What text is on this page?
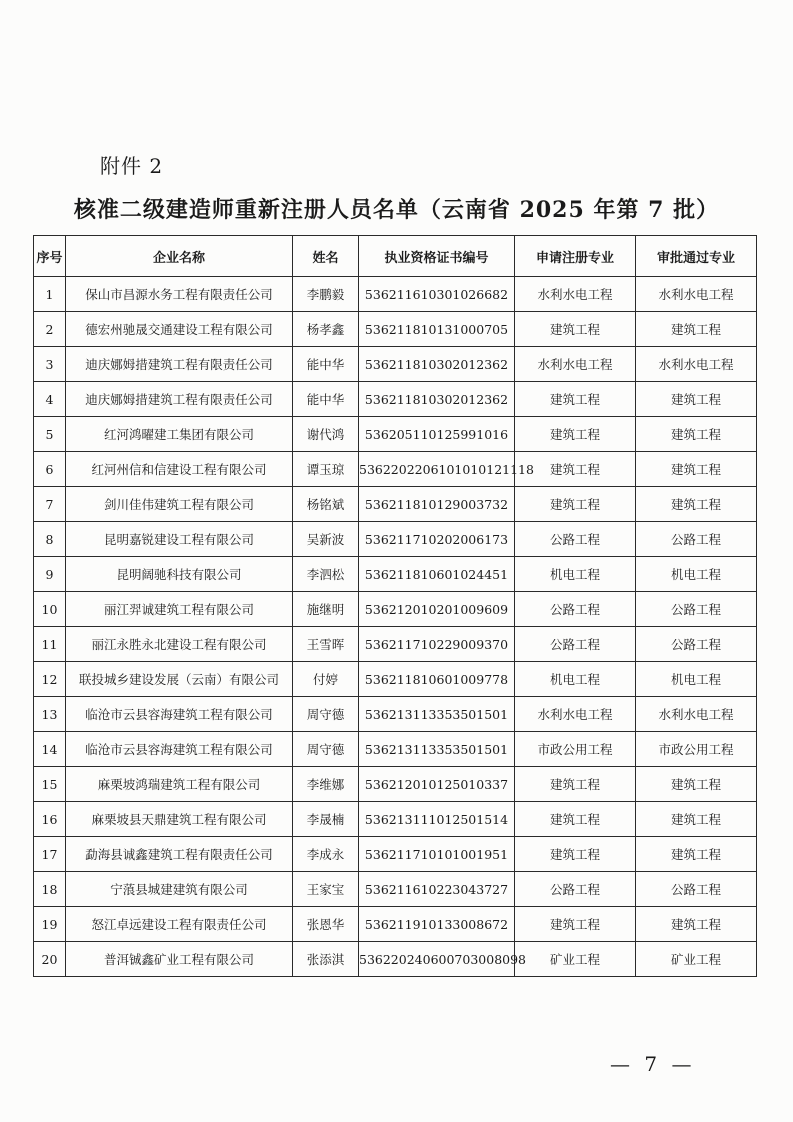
附件 2
核准二级建造师重新注册人员名单（云南省 2025 年第 7 批）
序号	企业名称	姓名	执业资格证书编号	申请注册专业	审批通过专业
1	保山市昌源水务工程有限责任公司	李鹏毅	536211610301026682	水利水电工程	水利水电工程
2	德宏州驰晟交通建设工程有限公司	杨孝鑫	536211810131000705	建筑工程	建筑工程
3	迪庆娜姆措建筑工程有限责任公司	能中华	536211810302012362	水利水电工程	水利水电工程
4	迪庆娜姆措建筑工程有限责任公司	能中华	536211810302012362	建筑工程	建筑工程
5	红河鸿曜建工集团有限公司	谢代鸿	536205110125991016	建筑工程	建筑工程
6	红河州信和信建设工程有限公司	谭玉琼	5362202206101010121118	建筑工程	建筑工程
7	剑川佳伟建筑工程有限公司	杨铭斌	536211810129003732	建筑工程	建筑工程
8	昆明嘉锐建设工程有限公司	吴新波	536211710202006173	公路工程	公路工程
9	昆明阔驰科技有限公司	李泗松	536211810601024451	机电工程	机电工程
10	丽江羿诚建筑工程有限公司	施继明	536212010201009609	公路工程	公路工程
11	丽江永胜永北建设工程有限公司	王雪晖	536211710229009370	公路工程	公路工程
12	联投城乡建设发展（云南）有限公司	付婷	536211810601009778	机电工程	机电工程
13	临沧市云县容海建筑工程有限公司	周守德	536213113353501501	水利水电工程	水利水电工程
14	临沧市云县容海建筑工程有限公司	周守德	536213113353501501	市政公用工程	市政公用工程
15	麻栗坡鸿瑞建筑工程有限公司	李维娜	536212010125010337	建筑工程	建筑工程
16	麻栗坡县天鼎建筑工程有限公司	李晟楠	536213111012501514	建筑工程	建筑工程
17	勐海县诚鑫建筑工程有限责任公司	李成永	536211710101001951	建筑工程	建筑工程
18	宁蒗县城建建筑有限公司	王家宝	536211610223043727	公路工程	公路工程
19	怒江卓远建设工程有限责任公司	张恩华	536211910133008672	建筑工程	建筑工程
20	普洱铖鑫矿业工程有限公司	张添淇	536220240600703008098	矿业工程	矿业工程
— 7 —
